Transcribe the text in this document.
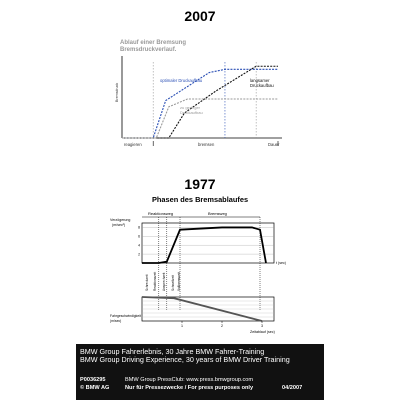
2007
Ablauf einer Bremsung
Bremsdruckverlauf.
Bremsdruck
optimaler Druckaufbau	langsamer
Druckaufbau
zu geringer
Druckaufbau
reagieren	bremsen	Dauer
1977
Phasen des Bremsablaufes
Verzögerung
(m/sec²)
Reaktionsweg	Bremsweg
2
4
6
8
Schreckzeit Reaktionszeit Ansprechzeit Schwellzeit Vollbremszeit
1	2	3
t (sec)
Fahrgeschwindigkeit
(m/sec)
Zeitablauf (sec)
BMW Group Fahrerlebnis, 30 Jahre BMW Fahrer-Training
BMW Group Driving Experience, 30 years of BMW Driver Training
P0036295
© BMW AG
BMW Group PressClub: www.press.bmwgroup.com
Nur für Pressezwecke / For press purposes only	04/2007
